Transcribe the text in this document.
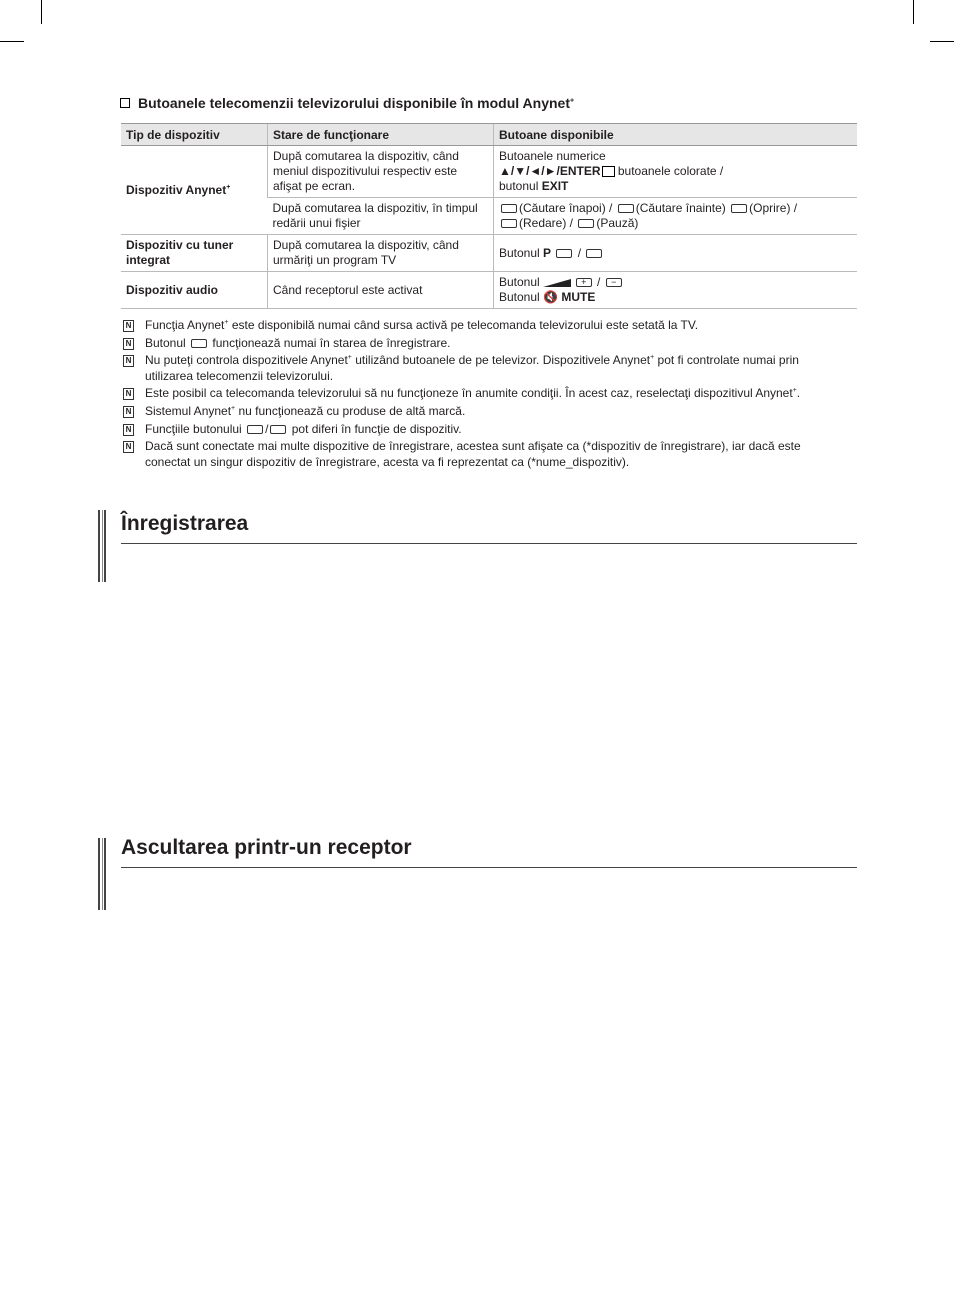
Butoanele telecomenzii televizorului disponibile în modul Anynet+
Tip de dispozitiv	Stare de funcţionare	Butoane disponibile
Dispozitiv Anynet+	După comutarea la dispozitiv, când meniul dispozitivului respectiv este afişat pe ecran.	Butoanele numerice
▲/▼/◄/►/ENTER butoanele colorate /
butonul EXIT

	După comutarea la dispozitiv, în timpul redării unui fişier	(Căutare înapoi) / (Căutare înainte) (Oprire) /
(Redare) / (Pauză)

Dispozitiv cu tuner integrat	După comutarea la dispozitiv, când urmăriţi un program TV	Butonul P  /
Dispozitiv audio	Când receptorul este activat	Butonul + / −
Butonul 🔇 MUTE
N Funcţia Anynet+ este disponibilă numai când sursa activă pe telecomanda televizorului este setată la TV.
N Butonul  funcţionează numai în starea de înregistrare.
N Nu puteţi controla dispozitivele Anynet+ utilizând butoanele de pe televizor. Dispozitivele Anynet+ pot fi controlate numai prin utilizarea telecomenzii televizorului.
N Este posibil ca telecomanda televizorului să nu funcţioneze în anumite condiţii. În acest caz, reselectaţi dispozitivul Anynet+.
N Sistemul Anynet+ nu funcţionează cu produse de altă marcă.
N Funcţiile butonului / pot diferi în funcţie de dispozitiv.
N Dacă sunt conectate mai multe dispozitive de înregistrare, acestea sunt afişate ca (*dispozitiv de înregistrare), iar dacă este conectat un singur dispozitiv de înregistrare, acesta va fi reprezentat ca (*nume_dispozitiv).
Înregistrarea
Ascultarea printr-un receptor
